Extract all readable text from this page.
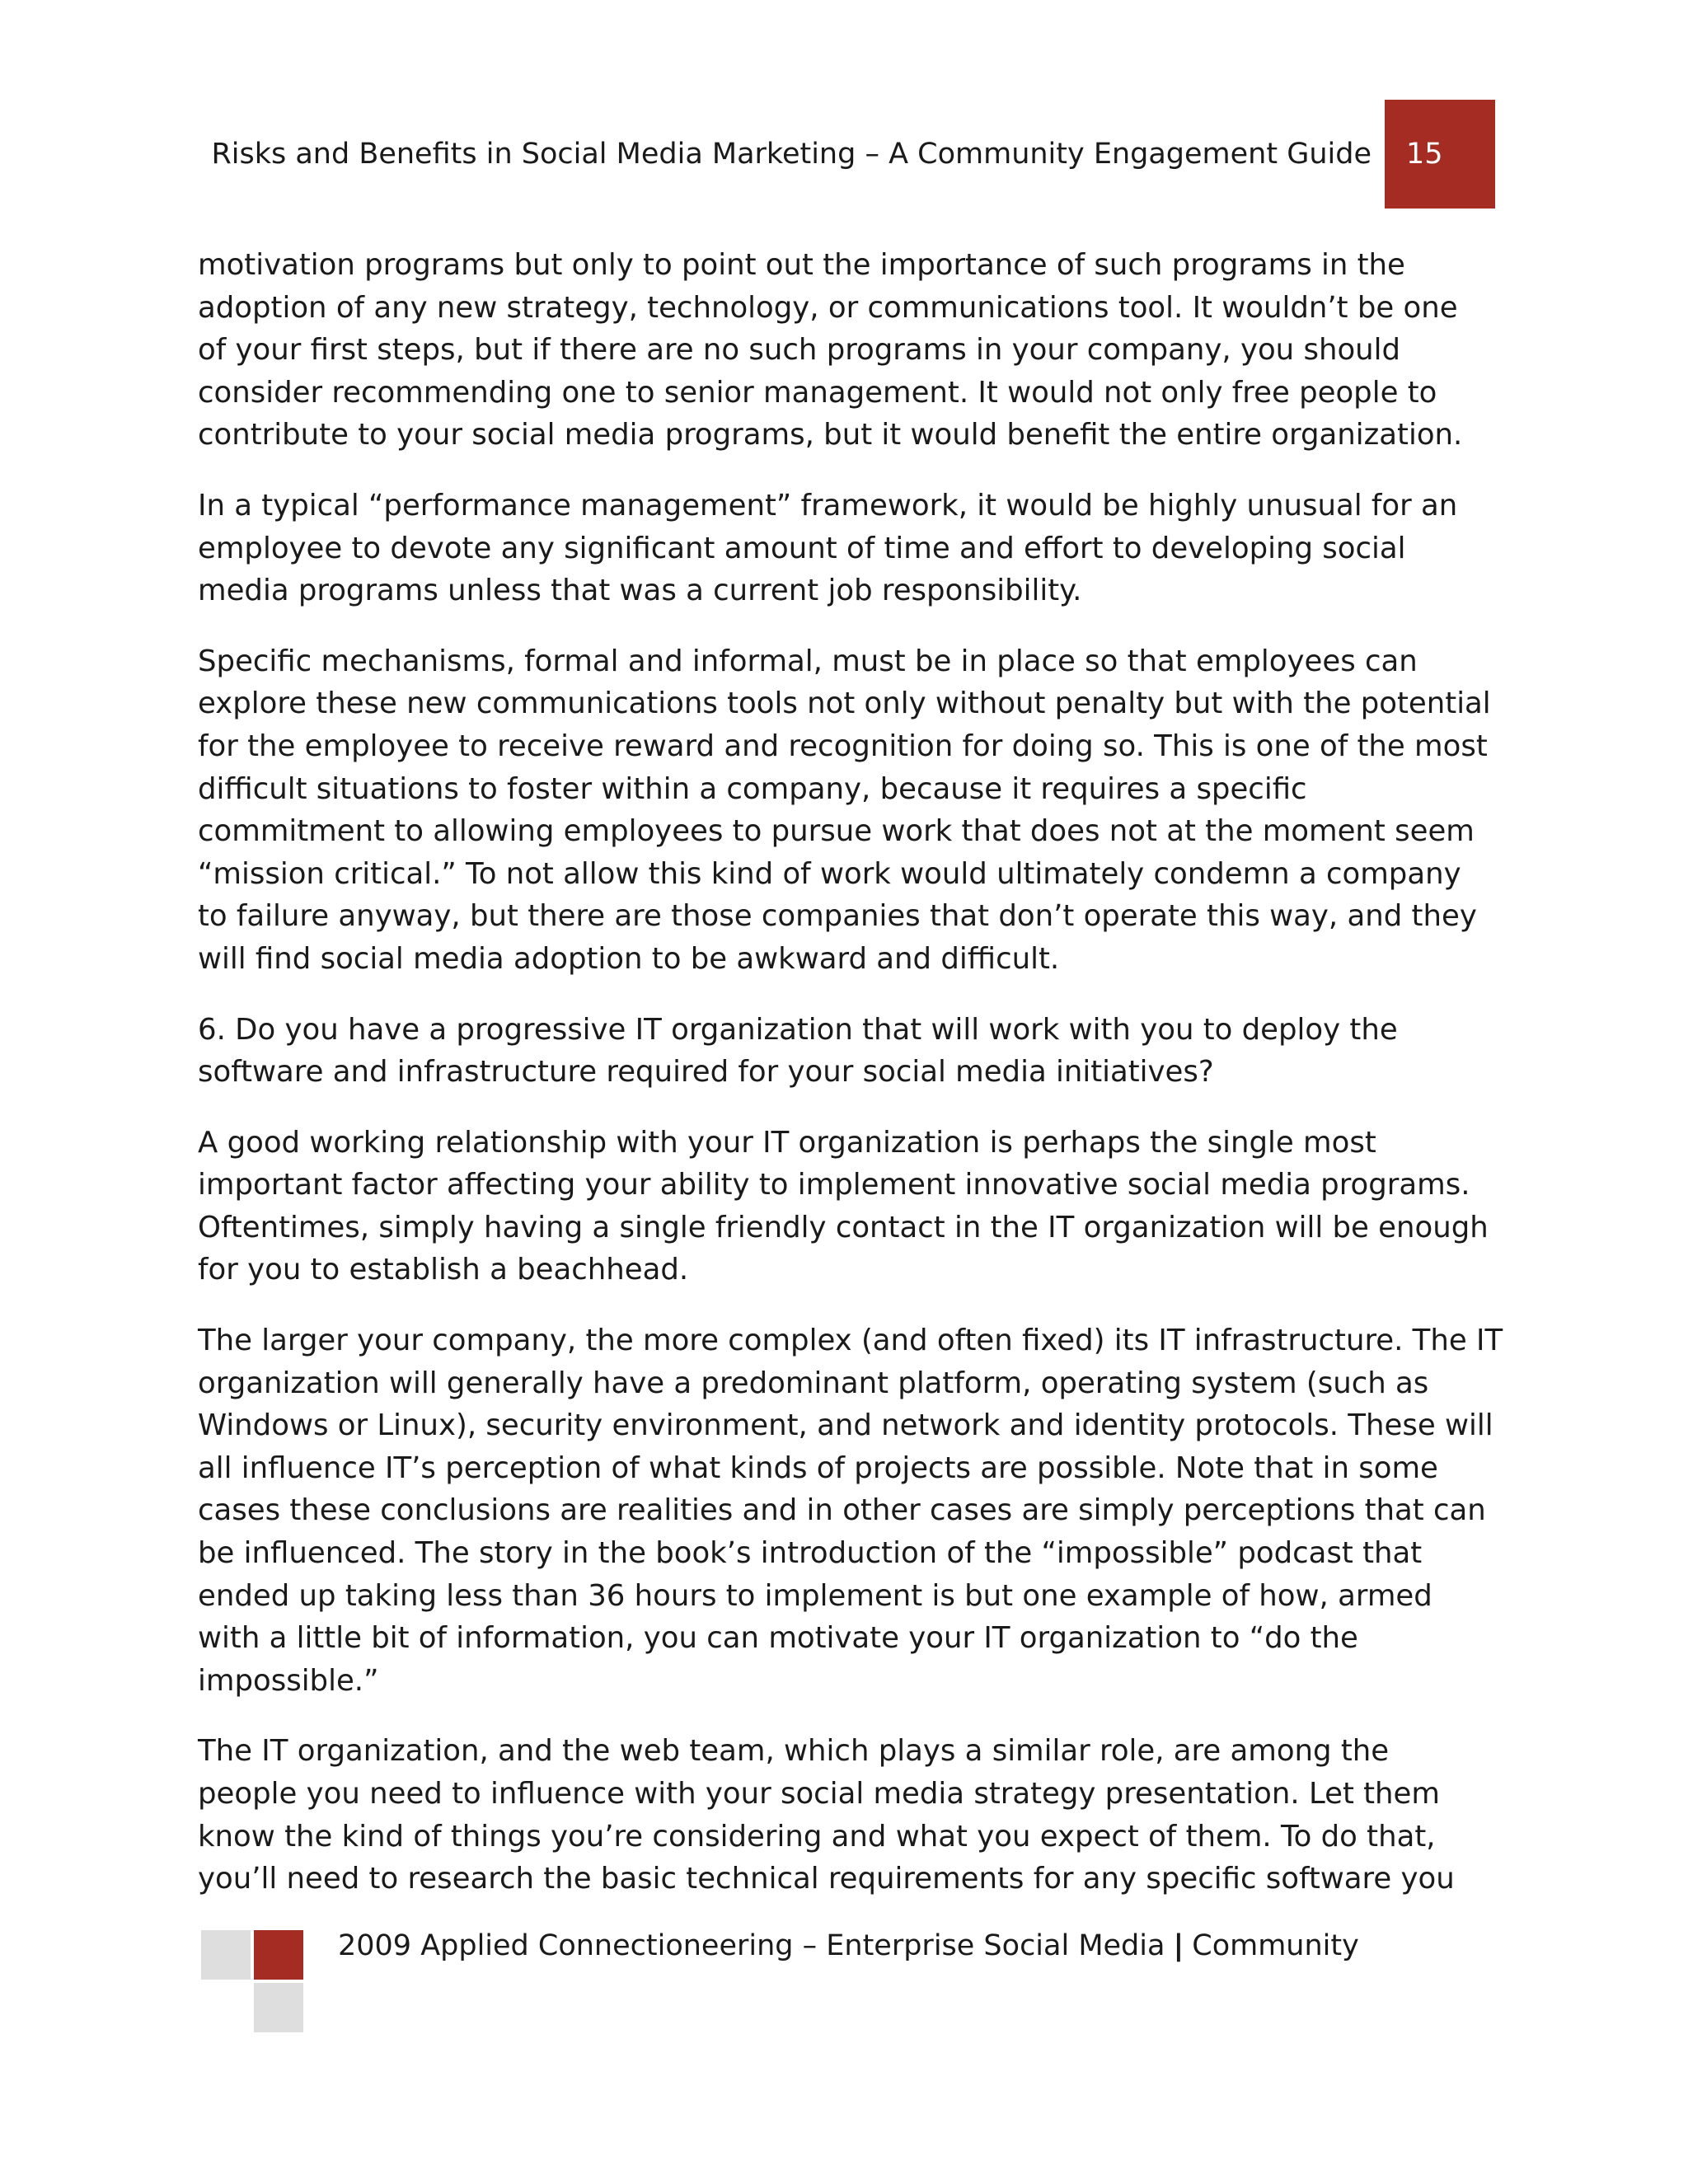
Risks and Benefits in Social Media Marketing – A Community Engagement Guide 15

motivation programs but only to point out the importance of such programs in the
adoption of any new strategy, technology, or communications tool. It wouldn’t be one
of your first steps, but if there are no such programs in your company, you should
consider recommending one to senior management. It would not only free people to
contribute to your social media programs, but it would benefit the entire organization.

In a typical “performance management” framework, it would be highly unusual for an
employee to devote any significant amount of time and effort to developing social
media programs unless that was a current job responsibility.

Specific mechanisms, formal and informal, must be in place so that employees can
explore these new communications tools not only without penalty but with the potential
for the employee to receive reward and recognition for doing so. This is one of the most
difficult situations to foster within a company, because it requires a specific
commitment to allowing employees to pursue work that does not at the moment seem
“mission critical.” To not allow this kind of work would ultimately condemn a company
to failure anyway, but there are those companies that don’t operate this way, and they
will find social media adoption to be awkward and difficult.

6. Do you have a progressive IT organization that will work with you to deploy the
software and infrastructure required for your social media initiatives?

A good working relationship with your IT organization is perhaps the single most
important factor affecting your ability to implement innovative social media programs.
Oftentimes, simply having a single friendly contact in the IT organization will be enough
for you to establish a beachhead.

The larger your company, the more complex (and often fixed) its IT infrastructure. The IT
organization will generally have a predominant platform, operating system (such as
Windows or Linux), security environment, and network and identity protocols. These will
all influence IT’s perception of what kinds of projects are possible. Note that in some
cases these conclusions are realities and in other cases are simply perceptions that can
be influenced. The story in the book’s introduction of the “impossible” podcast that
ended up taking less than 36 hours to implement is but one example of how, armed
with a little bit of information, you can motivate your IT organization to “do the
impossible.”

The IT organization, and the web team, which plays a similar role, are among the
people you need to influence with your social media strategy presentation. Let them
know the kind of things you’re considering and what you expect of them. To do that,
you’ll need to research the basic technical requirements for any specific software you

2009 Applied Connectioneering – Enterprise Social Media | Community
